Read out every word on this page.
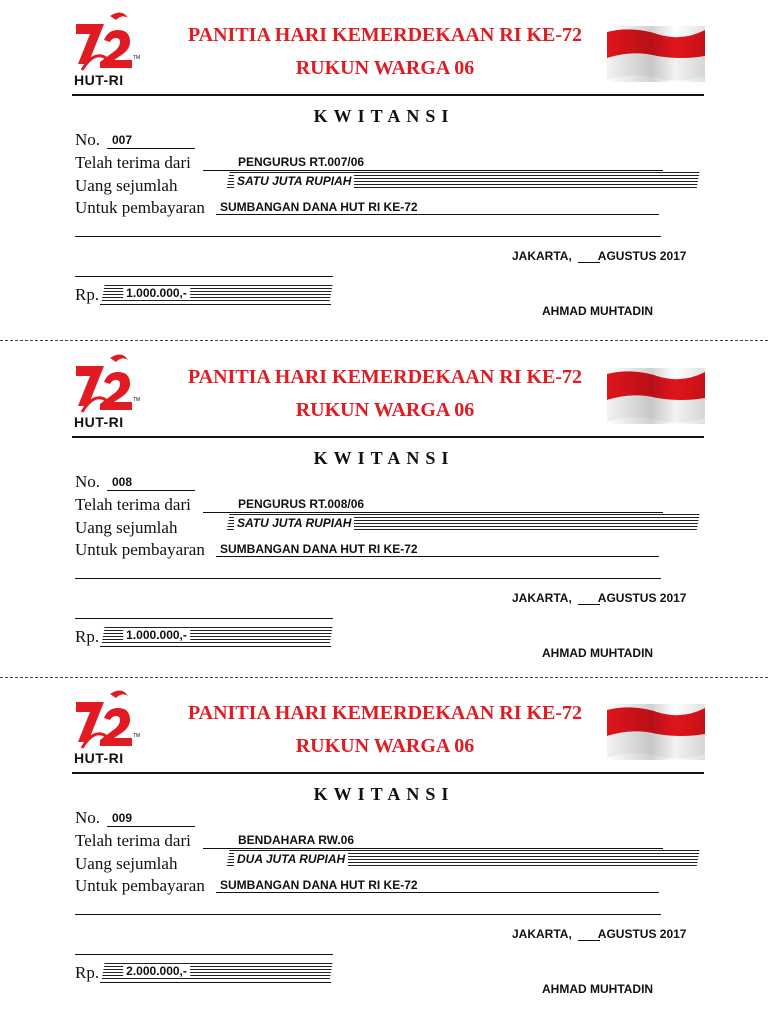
TM
HUT-RI
PANITIA HARI KEMERDEKAAN RI KE-72
RUKUN WARGA 06
KWITANSI
No. 007
Telah terima dari	PENGURUS RT.007/06
Uang sejumlah	SATU JUTA RUPIAH
Untuk pembayaran SUMBANGAN DANA HUT RI KE-72
JAKARTA, AGUSTUS 2017
Rp. 1.000.000,-
AHMAD MUHTADIN
TM
HUT-RI
PANITIA HARI KEMERDEKAAN RI KE-72
RUKUN WARGA 06
KWITANSI
No. 008
Telah terima dari	PENGURUS RT.008/06
Uang sejumlah	SATU JUTA RUPIAH
Untuk pembayaran SUMBANGAN DANA HUT RI KE-72
JAKARTA, AGUSTUS 2017
Rp. 1.000.000,-
AHMAD MUHTADIN
TM
HUT-RI
PANITIA HARI KEMERDEKAAN RI KE-72
RUKUN WARGA 06
KWITANSI
No. 009
Telah terima dari	BENDAHARA RW.06
Uang sejumlah	DUA JUTA RUPIAH
Untuk pembayaran SUMBANGAN DANA HUT RI KE-72
JAKARTA, AGUSTUS 2017
Rp. 2.000.000,-
AHMAD MUHTADIN
